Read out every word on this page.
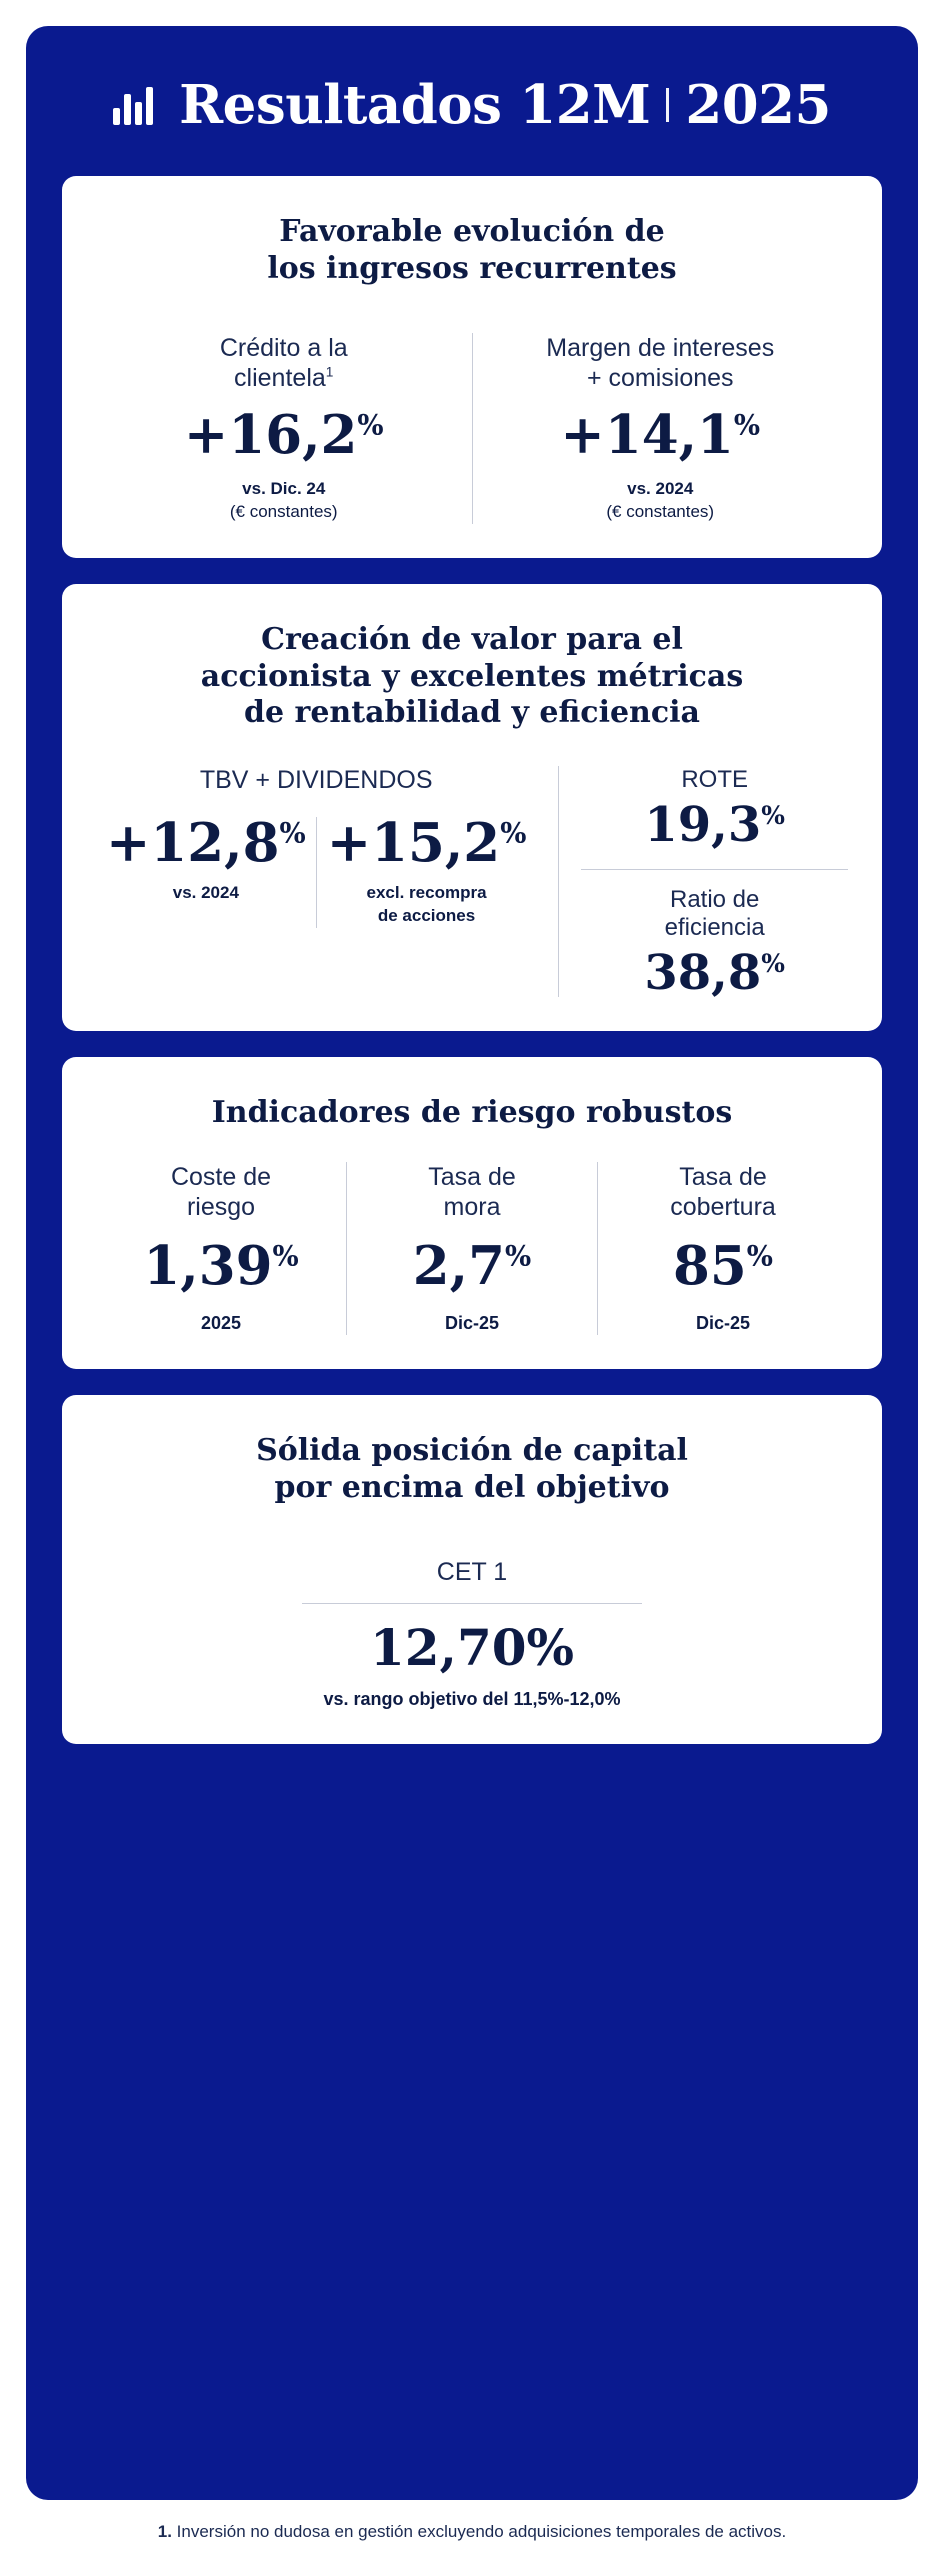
Resultados 12M 2025
Favorable evolución de
los ingresos recurrentes
Crédito a la
clientela$^1$
+16,2%
vs. Dic. 24
(€ constantes)
Margen de intereses
+ comisiones
+14,1%
vs. 2024
(€ constantes)
Creación de valor para el
accionista y excelentes métricas
de rentabilidad y eficiencia
TBV + DIVIDENDOS
+12,8%
vs. 2024
+15,2%
excl. recompra
de acciones
ROTE
19,3%
Ratio de
eficiencia
38,8%
Indicadores de riesgo robustos
Coste de
riesgo
1,39%
2025
Tasa de
mora
2,7%
Dic-25
Tasa de
cobertura
85%
Dic-25
Sólida posición de capital
por encima del objetivo
CET 1
12,70%
vs. rango objetivo del 11,5%-12,0%
1. Inversión no dudosa en gestión excluyendo adquisiciones temporales de activos.
